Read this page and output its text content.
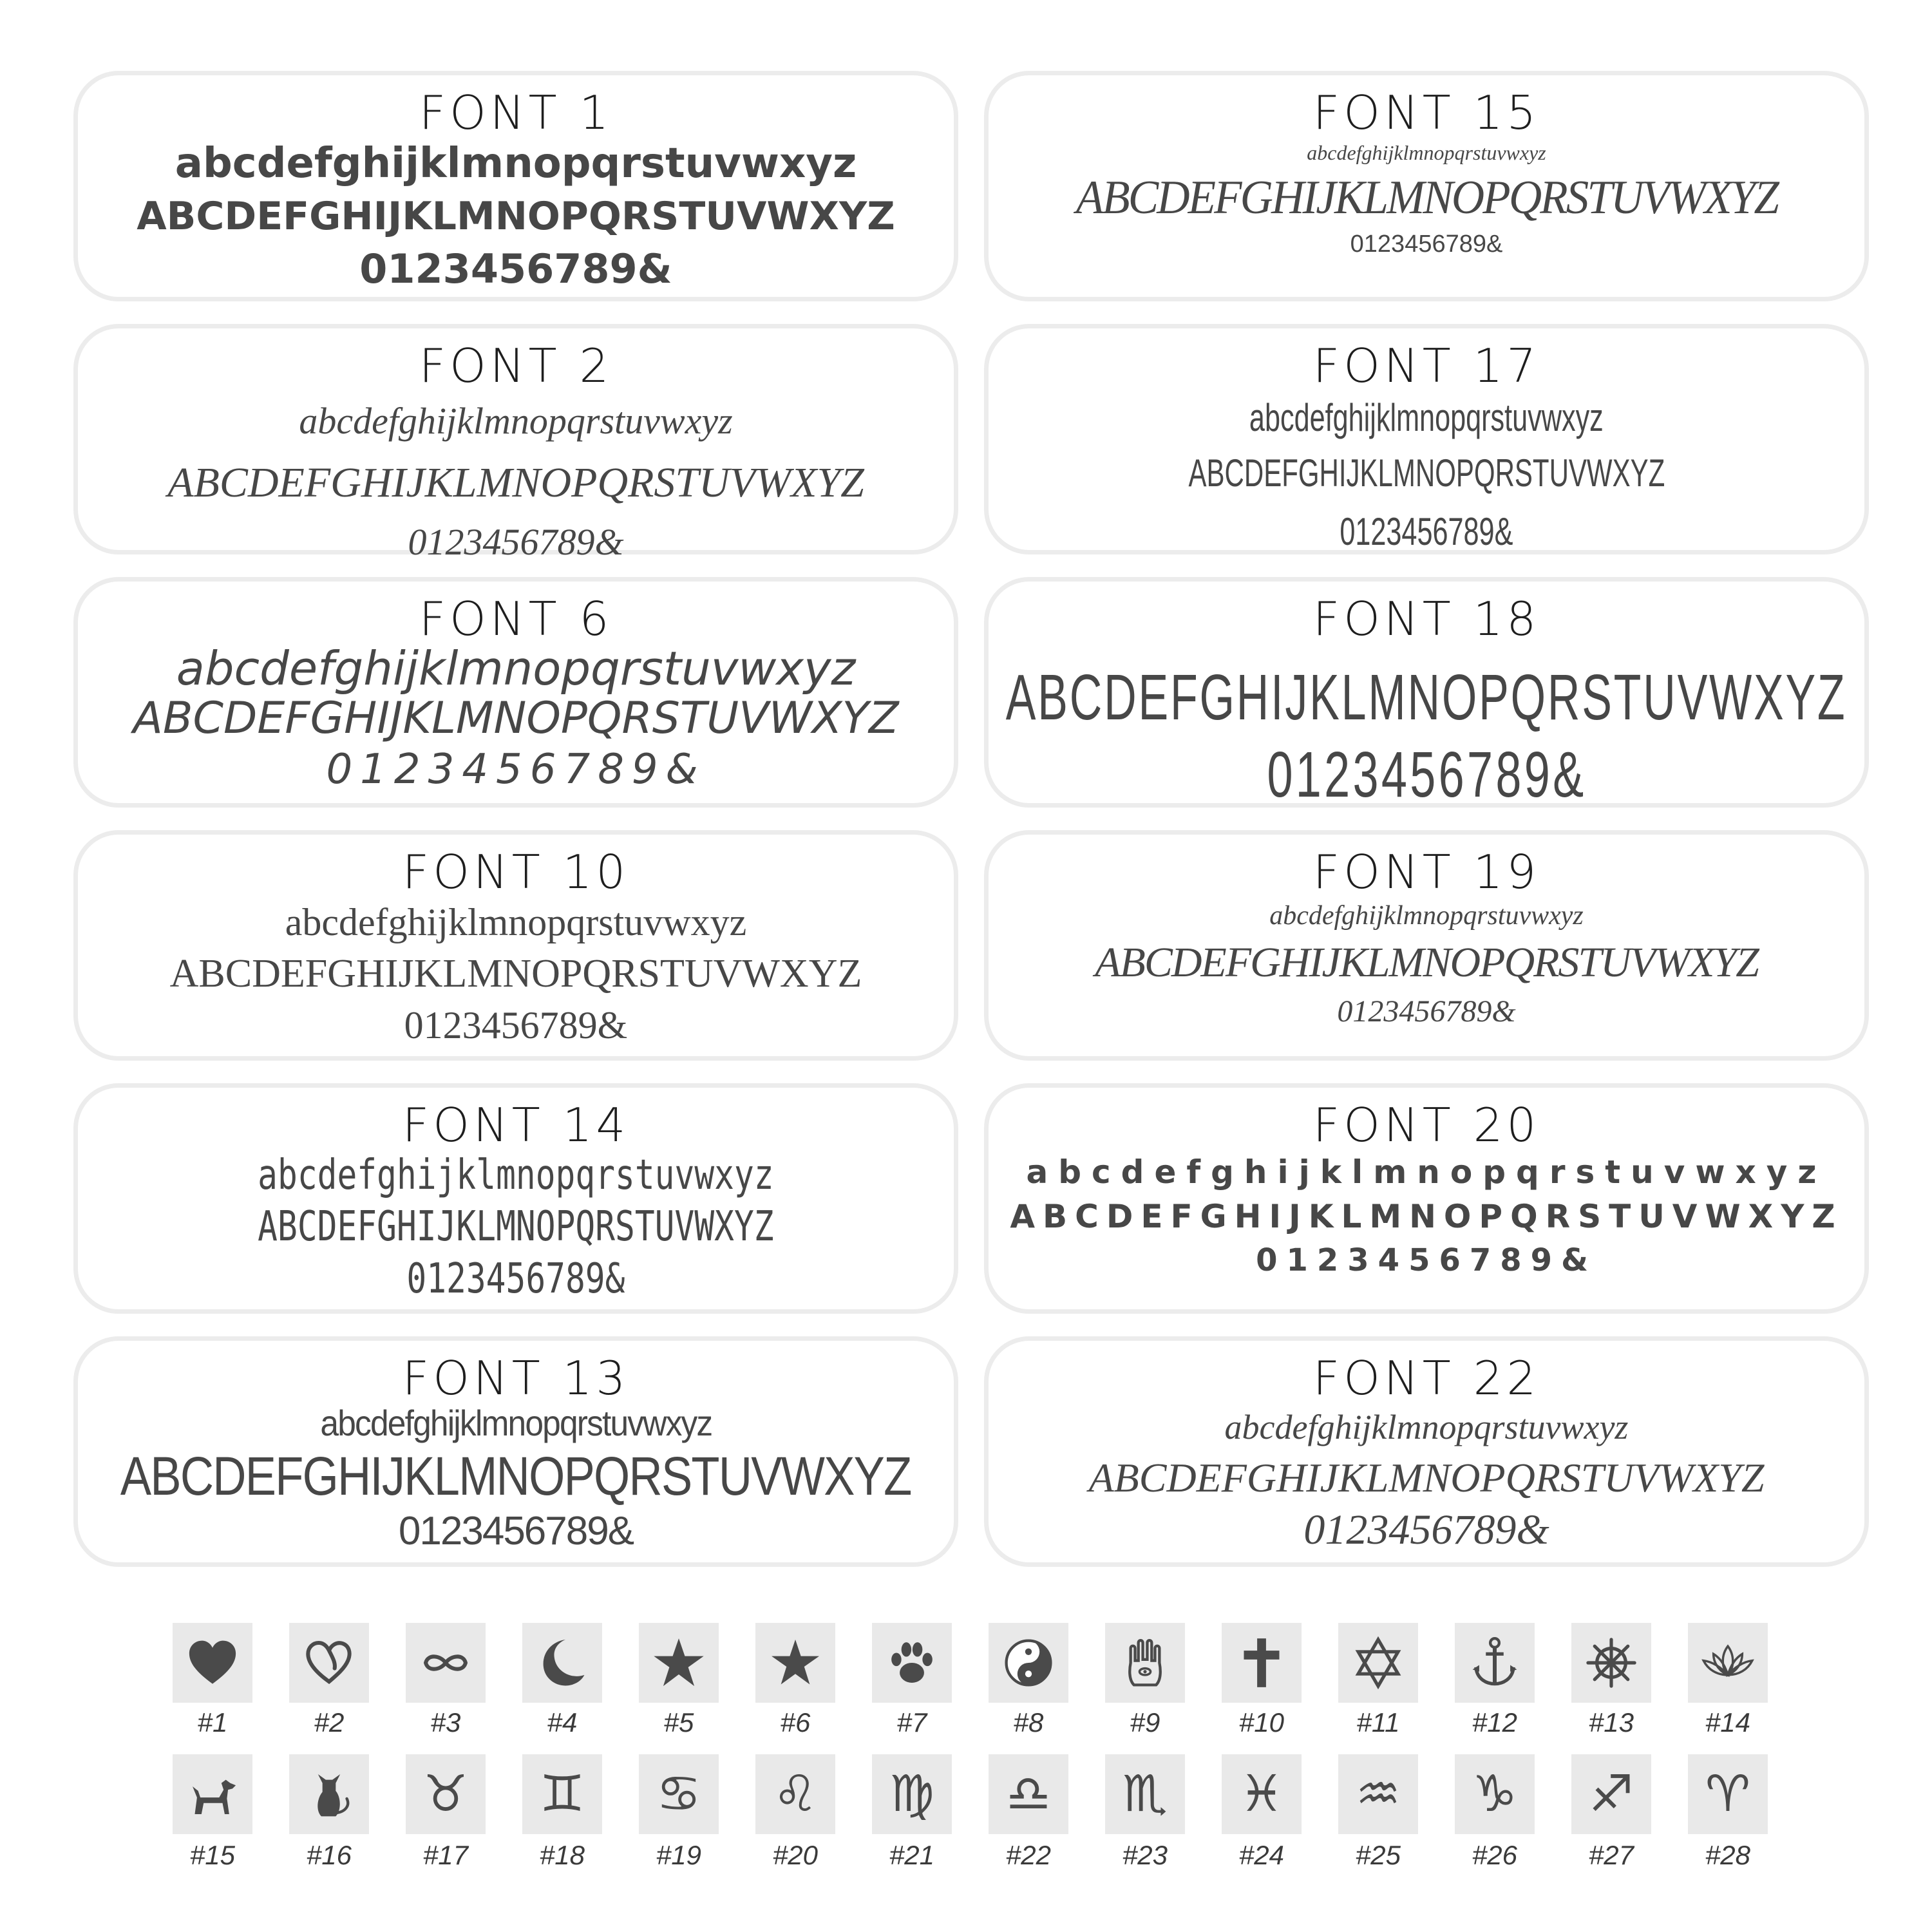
FONT 1
abcdefghijklmnopqrstuvwxyz
ABCDEFGHIJKLMNOPQRSTUVWXYZ
0123456789&
FONT 2
abcdefghijklmnopqrstuvwxyz
ABCDEFGHIJKLMNOPQRSTUVWXYZ
0123456789&
FONT 6
abcdefghijklmnopqrstuvwxyz
ABCDEFGHIJKLMNOPQRSTUVWXYZ
0123456789&
FONT 10
abcdefghijklmnopqrstuvwxyz
ABCDEFGHIJKLMNOPQRSTUVWXYZ
0123456789&
FONT 14
abcdefghijklmnopqrstuvwxyz
ABCDEFGHIJKLMNOPQRSTUVWXYZ
0123456789&
FONT 13
abcdefghijklmnopqrstuvwxyz
ABCDEFGHIJKLMNOPQRSTUVWXYZ
0123456789&
FONT 15
abcdefghijklmnopqrstuvwxyz
ABCDEFGHIJKLMNOPQRSTUVWXYZ
0123456789&
FONT 17
abcdefghijklmnopqrstuvwxyz
ABCDEFGHIJKLMNOPQRSTUVWXYZ
0123456789&
FONT 18
ABCDEFGHIJKLMNOPQRSTUVWXYZ
0123456789&
FONT 19
abcdefghijklmnopqrstuvwxyz
ABCDEFGHIJKLMNOPQRSTUVWXYZ
0123456789&
FONT 20
abcdefghijklmnopqrstuvwxyz
ABCDEFGHIJKLMNOPQRSTUVWXYZ
0123456789&
FONT 22
abcdefghijklmnopqrstuvwxyz
ABCDEFGHIJKLMNOPQRSTUVWXYZ
0123456789&
#1	#2	#3	#4	#5	#6	#7	#8	#9	#10	#11	#12	#13	#14
♉ ♊ ♋ ♌ ♍ ♎ ♏ ♓ ♒ ♑ ♐ ♈
#15	#16	#17	#18	#19	#20	#21	#22	#23	#24	#25	#26	#27	#28
